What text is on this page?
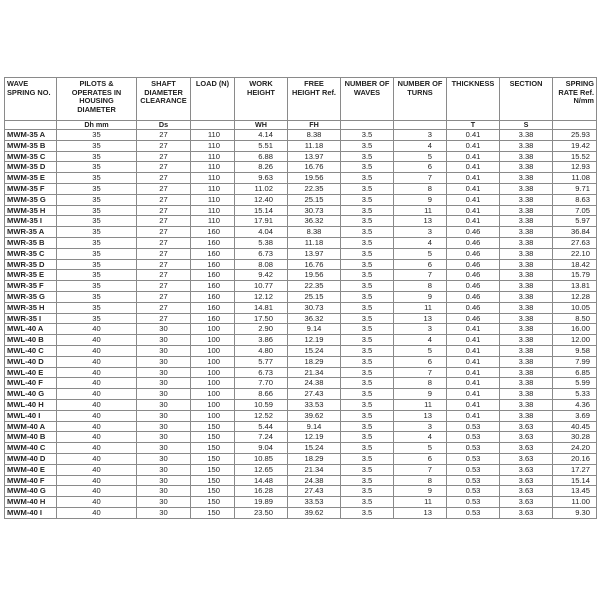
WAVE SPRING NO.	PILOTS & OPERATES IN HOUSING DIAMETER	SHAFT DIAMETER CLEARANCE	LOAD (N)	WORK HEIGHT	FREE HEIGHT Ref.	NUMBER OF WAVES	NUMBER OF TURNS	THICKNESS	SECTION	SPRING RATE Ref. N/mm
	Dh mm	Ds		WH	FH			T	S	
MWM-35 A	35	27	110	4.14	8.38	3.5	3	0.41	3.38	25.93
MWM-35 B	35	27	110	5.51	11.18	3.5	4	0.41	3.38	19.42
MWM-35 C	35	27	110	6.88	13.97	3.5	5	0.41	3.38	15.52
MWM-35 D	35	27	110	8.26	16.76	3.5	6	0.41	3.38	12.93
MWM-35 E	35	27	110	9.63	19.56	3.5	7	0.41	3.38	11.08
MWM-35 F	35	27	110	11.02	22.35	3.5	8	0.41	3.38	9.71
MWM-35 G	35	27	110	12.40	25.15	3.5	9	0.41	3.38	8.63
MWM-35 H	35	27	110	15.14	30.73	3.5	11	0.41	3.38	7.05
MWM-35 I	35	27	110	17.91	36.32	3.5	13	0.41	3.38	5.97
MWR-35 A	35	27	160	4.04	8.38	3.5	3	0.46	3.38	36.84
MWR-35 B	35	27	160	5.38	11.18	3.5	4	0.46	3.38	27.63
MWR-35 C	35	27	160	6.73	13.97	3.5	5	0.46	3.38	22.10
MWR-35 D	35	27	160	8.08	16.76	3.5	6	0.46	3.38	18.42
MWR-35 E	35	27	160	9.42	19.56	3.5	7	0.46	3.38	15.79
MWR-35 F	35	27	160	10.77	22.35	3.5	8	0.46	3.38	13.81
MWR-35 G	35	27	160	12.12	25.15	3.5	9	0.46	3.38	12.28
MWR-35 H	35	27	160	14.81	30.73	3.5	11	0.46	3.38	10.05
MWR-35 I	35	27	160	17.50	36.32	3.5	13	0.46	3.38	8.50
MWL-40 A	40	30	100	2.90	9.14	3.5	3	0.41	3.38	16.00
MWL-40 B	40	30	100	3.86	12.19	3.5	4	0.41	3.38	12.00
MWL-40 C	40	30	100	4.80	15.24	3.5	5	0.41	3.38	9.58
MWL-40 D	40	30	100	5.77	18.29	3.5	6	0.41	3.38	7.99
MWL-40 E	40	30	100	6.73	21.34	3.5	7	0.41	3.38	6.85
MWL-40 F	40	30	100	7.70	24.38	3.5	8	0.41	3.38	5.99
MWL-40 G	40	30	100	8.66	27.43	3.5	9	0.41	3.38	5.33
MWL-40 H	40	30	100	10.59	33.53	3.5	11	0.41	3.38	4.36
MWL-40 I	40	30	100	12.52	39.62	3.5	13	0.41	3.38	3.69
MWM-40 A	40	30	150	5.44	9.14	3.5	3	0.53	3.63	40.45
MWM-40 B	40	30	150	7.24	12.19	3.5	4	0.53	3.63	30.28
MWM-40 C	40	30	150	9.04	15.24	3.5	5	0.53	3.63	24.20
MWM-40 D	40	30	150	10.85	18.29	3.5	6	0.53	3.63	20.16
MWM-40 E	40	30	150	12.65	21.34	3.5	7	0.53	3.63	17.27
MWM-40 F	40	30	150	14.48	24.38	3.5	8	0.53	3.63	15.14
MWM-40 G	40	30	150	16.28	27.43	3.5	9	0.53	3.63	13.45
MWM-40 H	40	30	150	19.89	33.53	3.5	11	0.53	3.63	11.00
MWM-40 I	40	30	150	23.50	39.62	3.5	13	0.53	3.63	9.30
